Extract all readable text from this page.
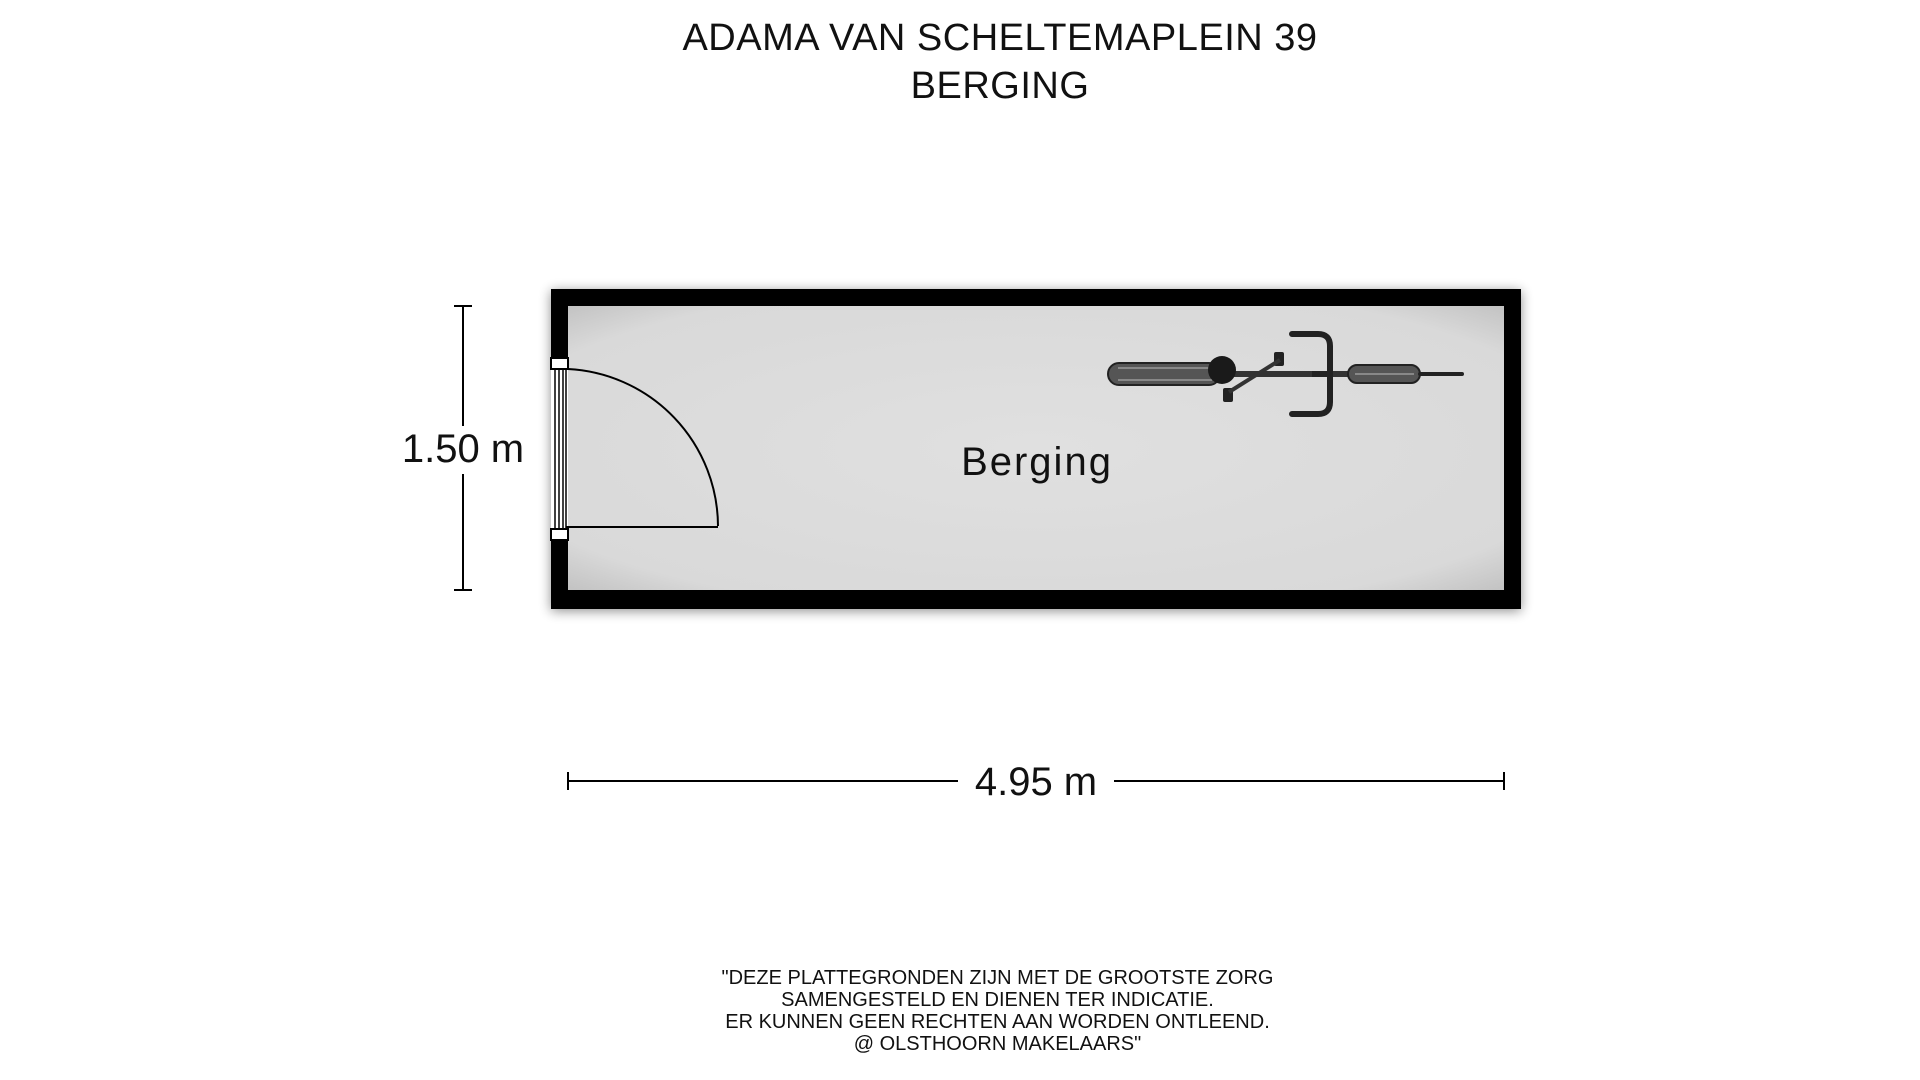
ADAMA VAN SCHELTEMAPLEIN 39
BERGING
Berging
1.50 m
4.95 m
"DEZE PLATTEGRONDEN ZIJN MET DE GROOTSTE ZORG
SAMENGESTELD EN DIENEN TER INDICATIE.
ER KUNNEN GEEN RECHTEN AAN WORDEN ONTLEEND.
@ OLSTHOORN MAKELAARS"
